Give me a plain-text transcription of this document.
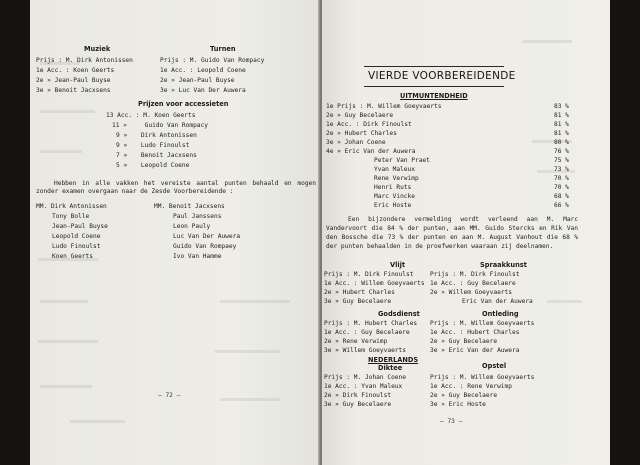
Muziek
Prijs : M. Dirk Antonissen
1e Acc. : Koen Geerts
2e » Jean-Paul Buyse
3e » Benoit Jacxsens
Turnen
Prijs : M. Guido Van Rompacy
1e Acc. : Leopold Coene
2e » Jean-Paul Buyse
3e » Luc Van Der Auwera
Prijzen voor accessieten
13 Acc. : M. Koen Geerts
11 »	Guido Van Rompacy
9 » Dirk Antonissen
9 » Ludo Finoulst
7 » Benoit Jacxsens
5 » Leopold Coene
Hebben in alle vakken het vereiste aantal punten behaald en mogen zonder examen overgaan naar de Zesde Voorbereidende :
MM. Dirk Antonissen
Tony Bolle
Jean-Paul Buyse
Leopold Coene
Ludo Finoulst
Koen Geerts
MM. Benoit Jacxsens
Paul Janssens
Leon Pauly
Luc Van Der Auwera
Guido Van Rompaey
Ivo Van Hamme
— 72 —
VIERDE VOORBEREIDENDE
UITMUNTENDHEID
1e Prijs : M. Willem Goeyvaerts	83 %
2e » Guy Becelaere	81 %
1e Acc. : Dirk Finoulst	81 %
2e » Hubert Charles	81 %
3e » Johan Coene	80 %
4e » Eric Van der Auwera	76 %
Peter Van Praet	75 %
Yvan Maleux	73 %
Rene Verwimp	70 %
Henri Ruts	70 %
Marc Vincke	68 %
Eric Hoste	66 %
Een bijzondere vermelding wordt verleend aan M. Marc Vandervoort die 84 % der punten, aan MM. Guido Stercks en Rik Van den Bossche die 73 % der punten en aan M. August Vanhout die 68 % der punten behaalden in de proefwerken waaraan zij deelnamen.
Vlijt
Prijs : M. Dirk Finoulst
1e Acc. : Willem Goeyvaerts
2e » Hubert Charles
3e » Guy Becelaere
Spraakkunst
Prijs : M. Dirk Finoulst
1e Acc. : Guy Becelaere
2e » Willem Goeyvaerts
Eric Van der Auwera
Godsdienst
Prijs : M. Hubert Charles
1e Acc. : Guy Becelaere
2e » Rene Verwimp
3e » Willem Goeyvaerts
Ontleding
Prijs : M. Willem Goeyvaerts
1e Acc. : Hubert Charles
2e » Guy Becelaere
3e » Eric Van der Auwera
NEDERLANDS
Diktee
Prijs : M. Johan Coene
1e Acc. : Yvan Maleux
2e » Dirk Finoulst
3e » Guy Becelaere
Opstel
Prijs : M. Willem Goeyvaerts
1e Acc. : Rene Verwimp
2e » Guy Becelaere
3e » Eric Hoste
— 73 —
